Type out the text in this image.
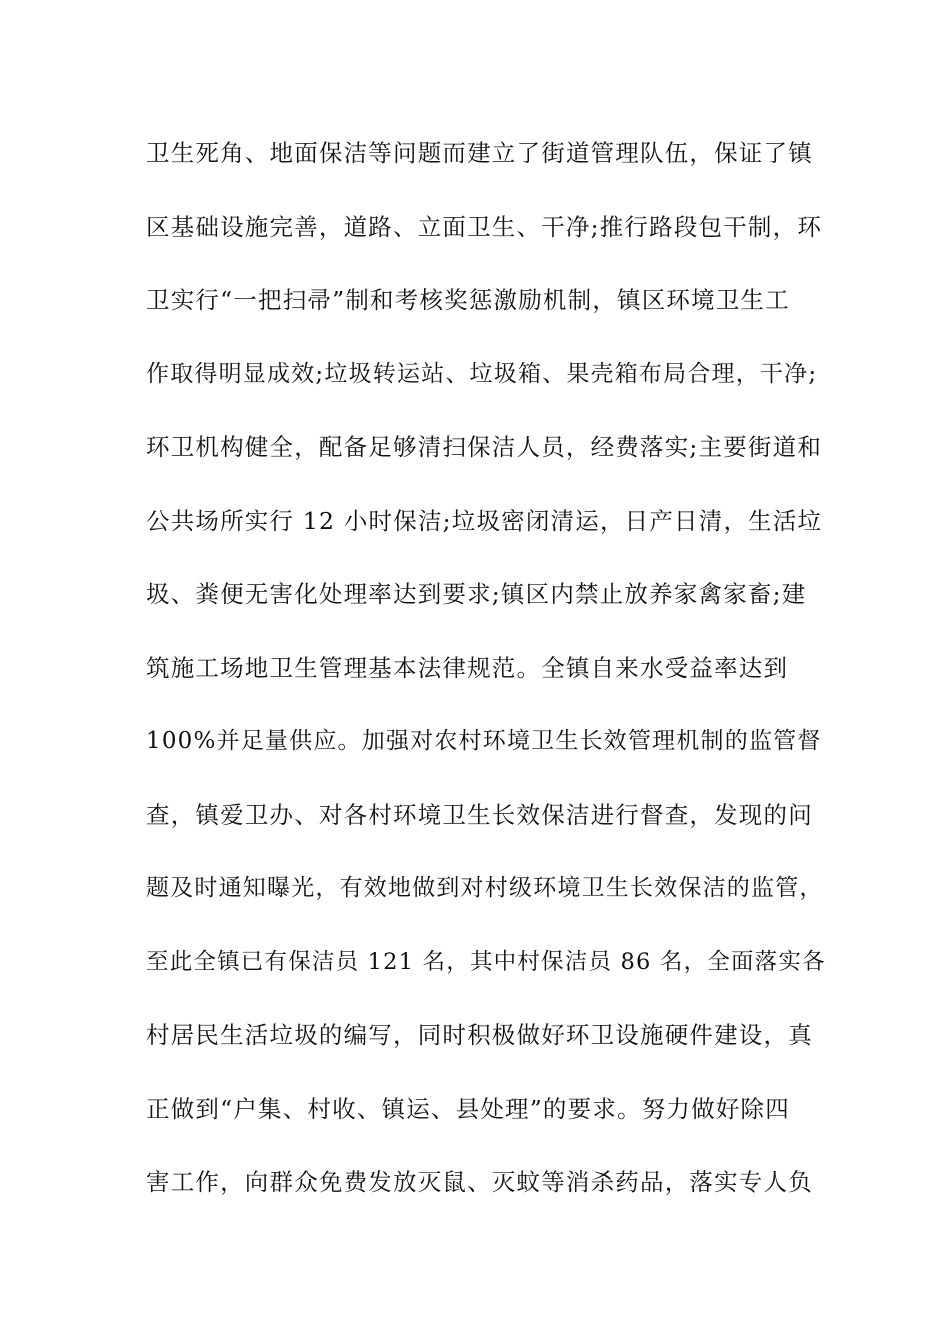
卫生死角、地面保洁等问题而建立了街道管理队伍，保证了镇
区基础设施完善，道路、立面卫生、干净;推行路段包干制，环
卫实行“一把扫帚”制和考核奖惩激励机制，镇区环境卫生工
作取得明显成效;垃圾转运站、垃圾箱、果壳箱布局合理，干净;
环卫机构健全，配备足够清扫保洁人员，经费落实;主要街道和
公共场所实行 12 小时保洁;垃圾密闭清运，日产日清，生活垃
圾、粪便无害化处理率达到要求;镇区内禁止放养家禽家畜;建
筑施工场地卫生管理基本法律规范。全镇自来水受益率达到
100%并足量供应。加强对农村环境卫生长效管理机制的监管督
查，镇爱卫办、对各村环境卫生长效保洁进行督查，发现的问
题及时通知曝光，有效地做到对村级环境卫生长效保洁的监管，
至此全镇已有保洁员 121 名，其中村保洁员 86 名，全面落实各
村居民生活垃圾的编写，同时积极做好环卫设施硬件建设，真
正做到“户集、村收、镇运、县处理”的要求。努力做好除四
害工作，向群众免费发放灭鼠、灭蚊等消杀药品，落实专人负
